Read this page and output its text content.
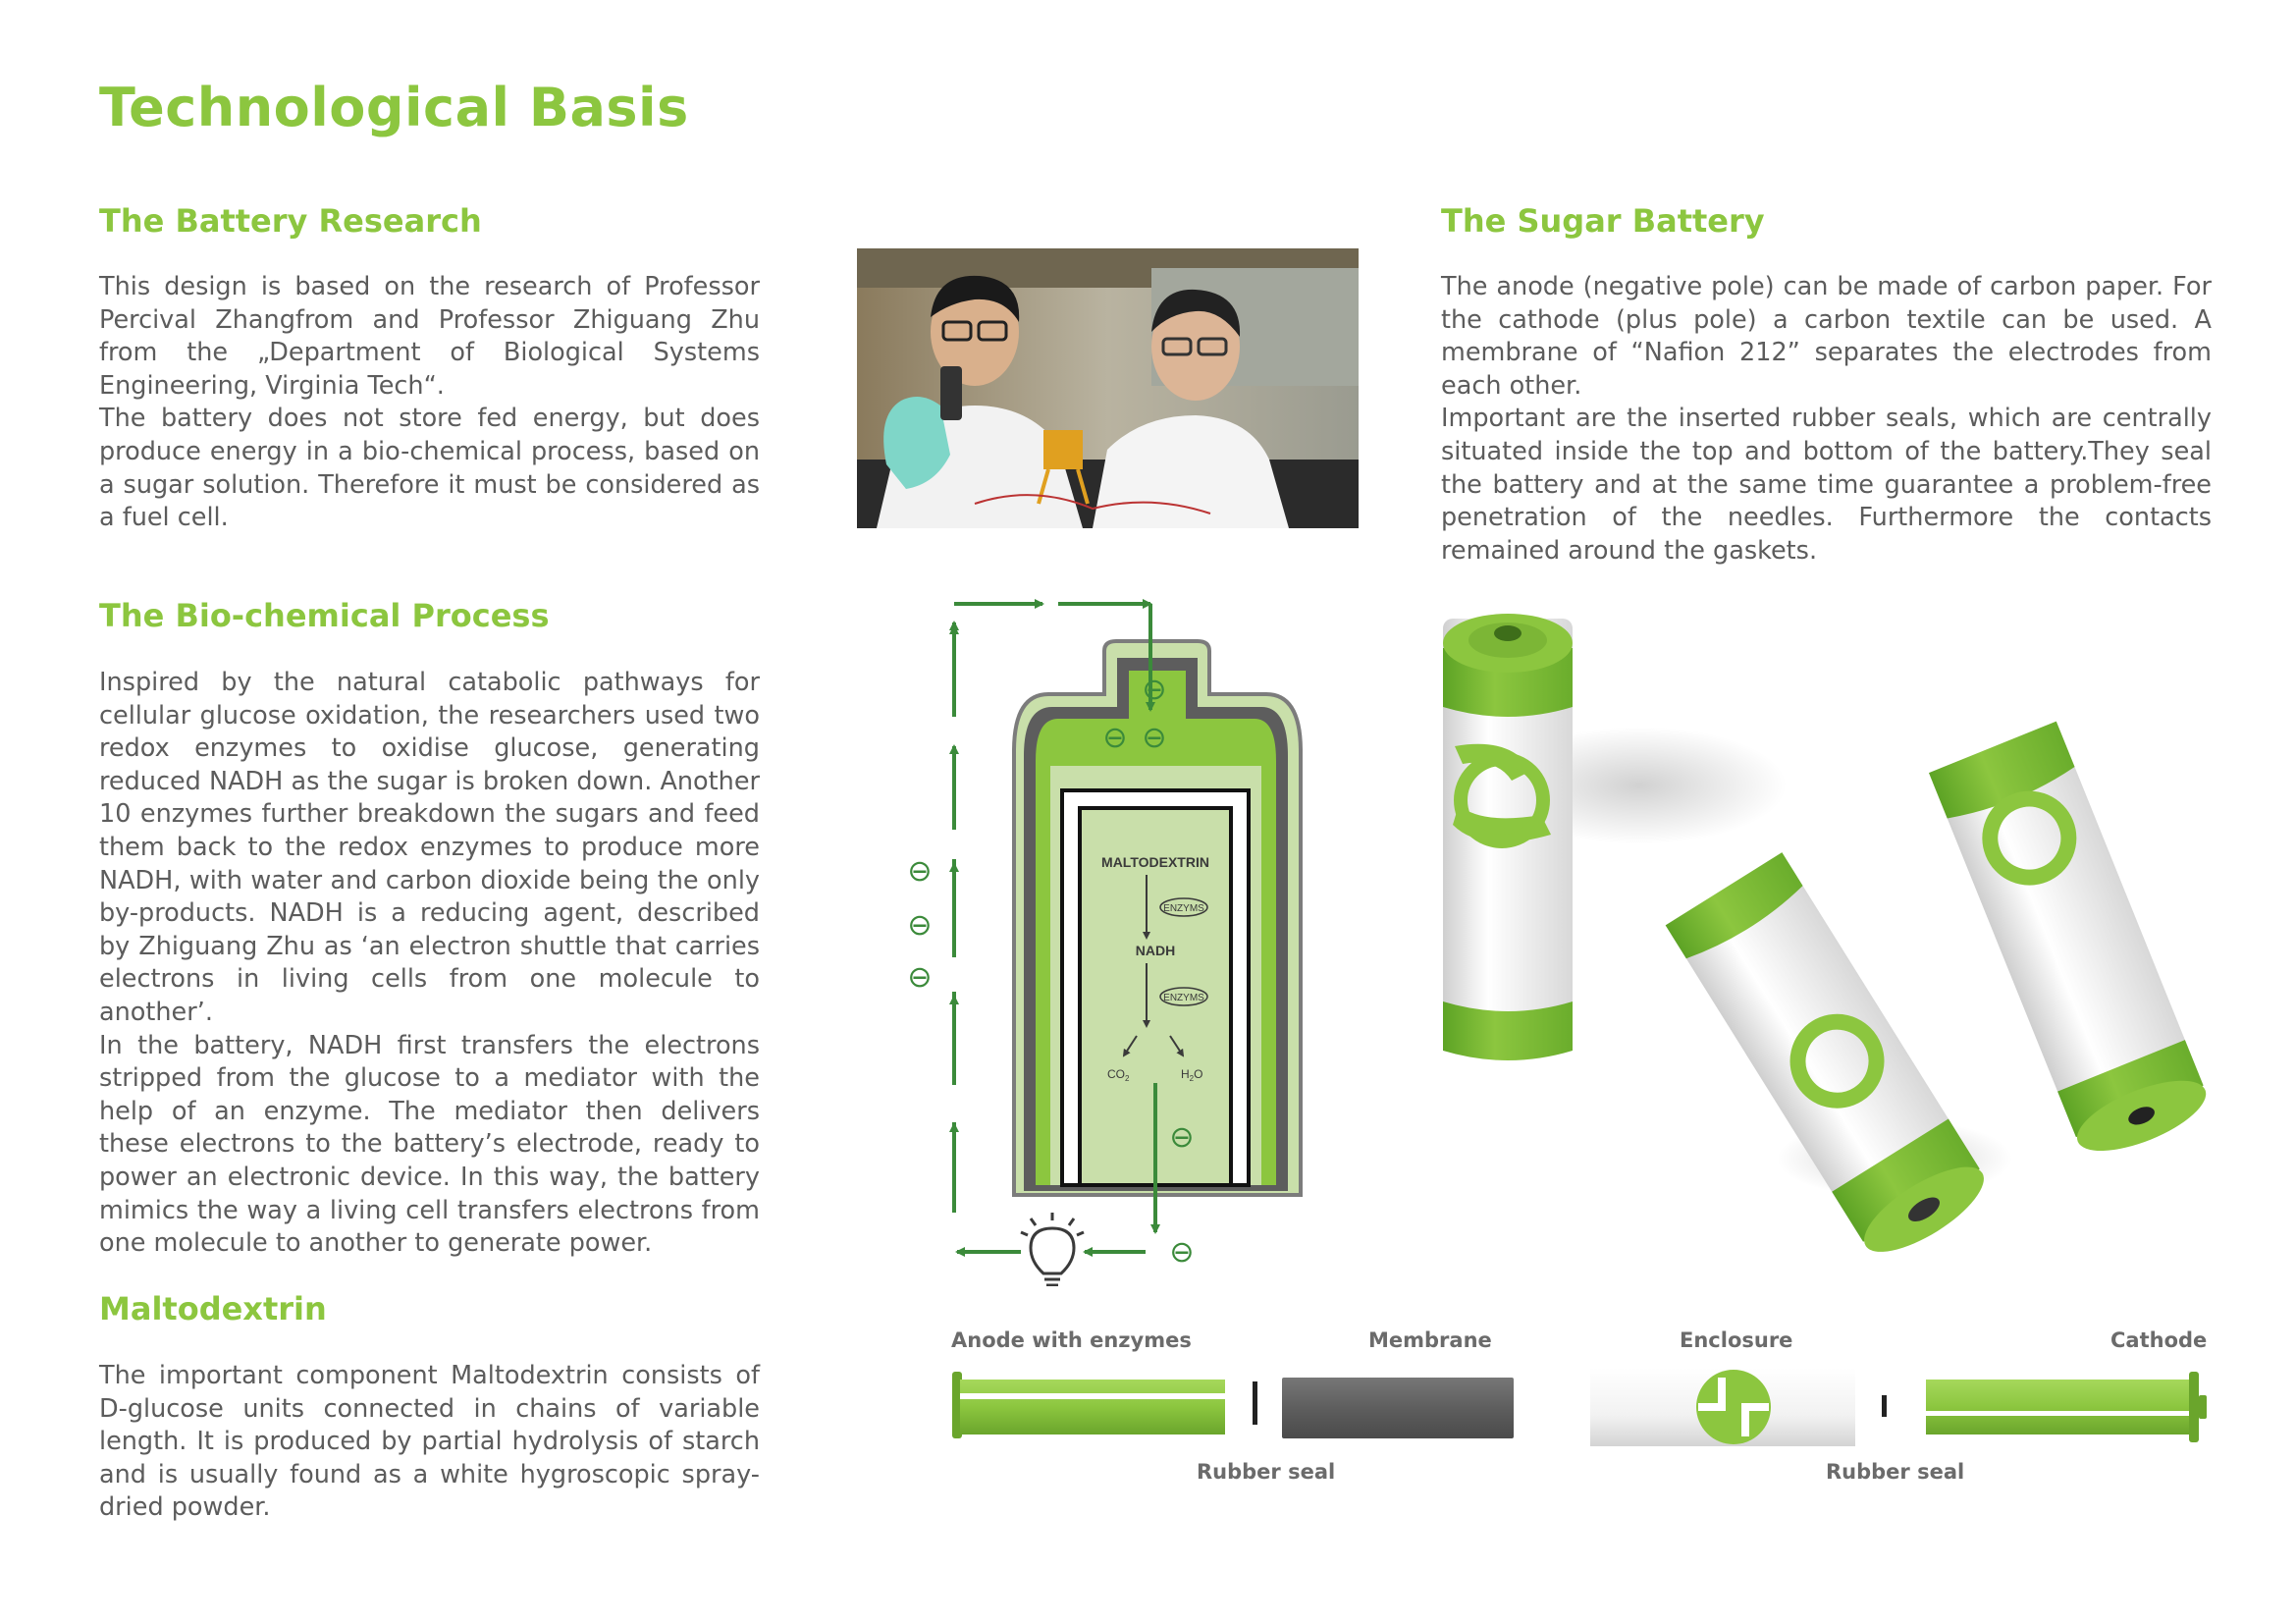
Technological Basis
The Battery Research

This design is based on the research of Professor Percival Zhangfrom and Professor Zhiguang Zhu from the „Department of Biological Systems Engineering, Virginia Tech“.

The battery does not store fed energy, but does produce energy in a bio-chemical process, based on a sugar solution. Therefore it must be considered as a fuel cell.

The Sugar Battery

The anode (negative pole) can be made of carbon paper. For the cathode (plus pole) a carbon textile can be used. A membrane of “Nafion 212” separates the electrodes from each other.

Important are the inserted rubber seals, which are centrally situated inside the top and bottom of the battery.They seal the battery and at the same time guarantee a problem-free penetration of the needles. Furthermore the contacts remained around the gaskets.

The Bio-chemical Process

Inspired by the natural catabolic pathways for cellular glucose oxidation, the researchers used two redox enzymes to oxidise glucose, generating reduced NADH as the sugar is broken down. Another 10 enzymes further breakdown the sugars and feed them back to the redox enzymes to produce more NADH, with water and carbon dioxide being the only by-products. NADH is a reducing agent, described by Zhiguang Zhu as ‘an electron shuttle that carries electrons in living cells from one molecule to another’.

In the battery, NADH first transfers the electrons stripped from the glucose to a mediator with the help of an enzyme. The mediator then delivers these electrons to the battery’s electrode, ready to power an electronic device. In this way, the battery mimics the way a living cell transfers electrons from one molecule to another to generate power.

Maltodextrin

The important component Maltodextrin consists of D-glucose units connected in chains of variable length. It is produced by partial hydrolysis of starch and is usually found as a white hygroscopic spray-dried powder.

MALTODEXTRIN
ENZYMS
NADH
ENZYMS
$CO_2$	$H_2O$
⊖
⊖ ⊖
⊖
⊖
⊖
⊖
⊖
Anode with enzymes	Membrane	Enclosure	Cathode
Rubber seal	Rubber seal
